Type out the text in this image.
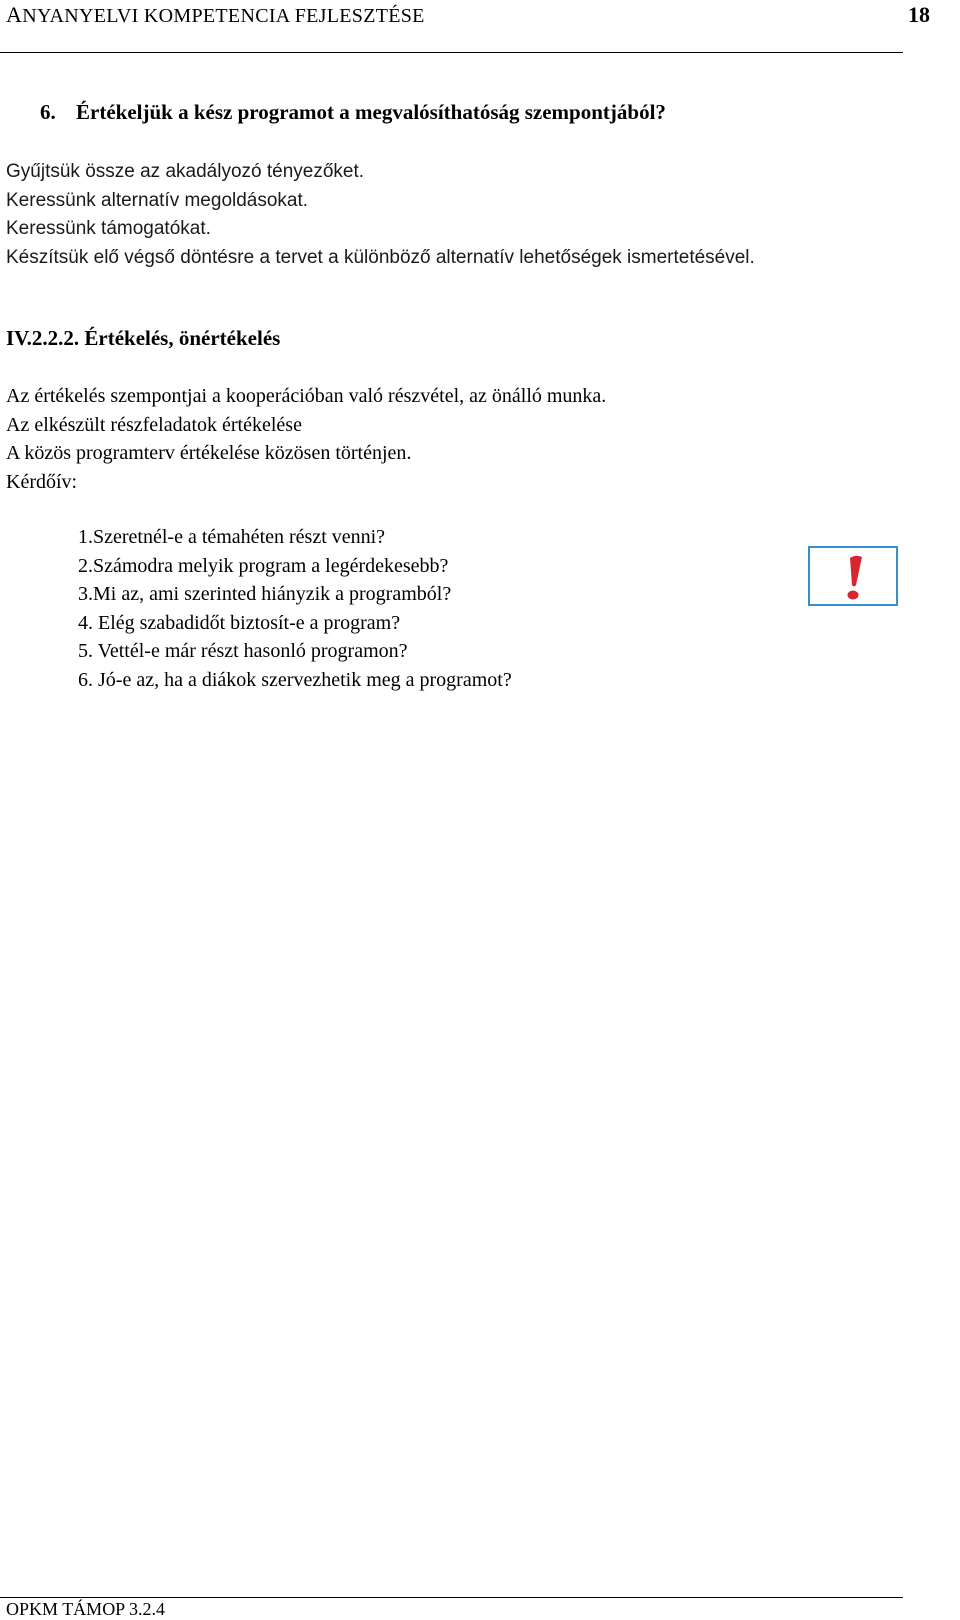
ANYANYELVI KOMPETENCIA FEJLESZTÉSE	18
6. Értékeljük a kész programot a megvalósíthatóság szempontjából?
Gyűjtsük össze az akadályozó tényezőket.
Keressünk alternatív megoldásokat.
Keressünk támogatókat.
Készítsük elő végső döntésre a tervet a különböző alternatív lehetőségek ismertetésével.
IV.2.2.2. Értékelés, önértékelés
Az értékelés szempontjai a kooperációban való részvétel, az önálló munka.
Az elkészült részfeladatok értékelése
A közös programterv értékelése közösen történjen.
Kérdőív:
1.Szeretnél-e a témahéten részt venni?
2.Számodra melyik program a legérdekesebb?
3.Mi az, ami szerinted hiányzik a programból?
4. Elég szabadidőt biztosít-e a program?
5. Vettél-e már részt hasonló programon?
6. Jó-e az, ha a diákok szervezhetik meg a programot?
OPKM TÁMOP 3.2.4
